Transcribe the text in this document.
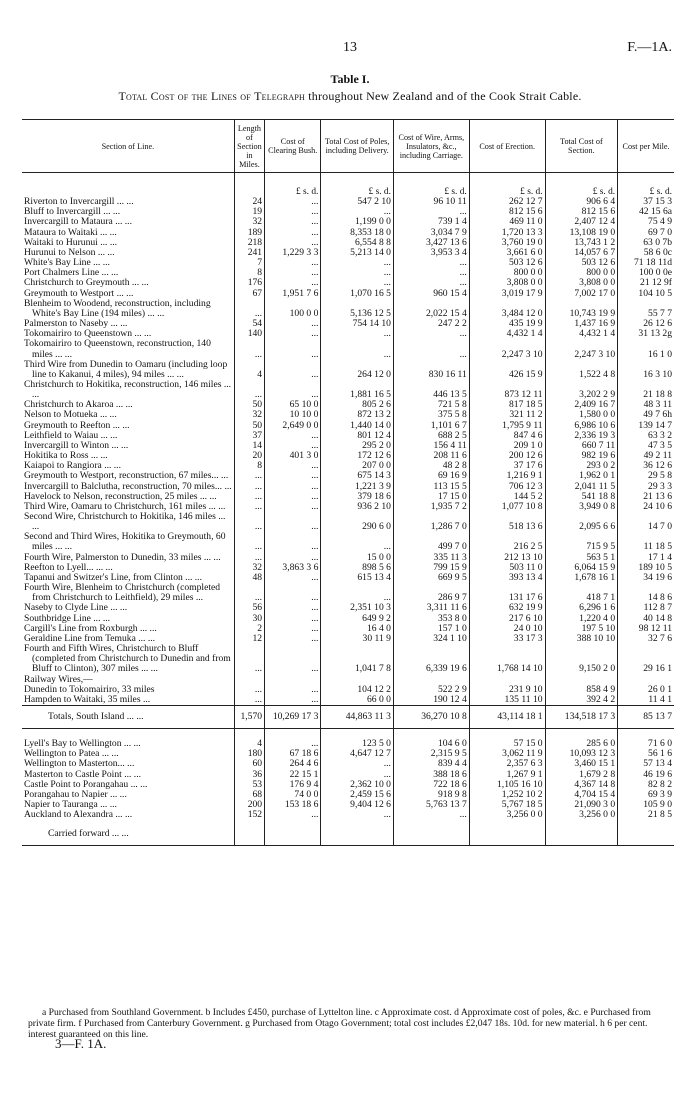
13	F.—1A.
Table I.
Total Cost of the Lines of Telegraph throughout New Zealand and of the Cook Strait Cable.
Section of Line.	Length of Section in Miles.	Cost of Clearing Bush.	Total Cost of Poles, including Delivery.	Cost of Wire, Arms, Insulators, &c., including Carriage.	Cost of Erection.	Total Cost of Section.	Cost per Mile.
		£ s. d.	£ s. d.	£ s. d.	£ s. d.	£ s. d.	£ s. d.
Riverton to Invercargill ... ...	24	...	547 2 10	96 10 11	262 12 7	906 6 4	37 15 3
Bluff to Invercargill ... ...	19	...	...	...	812 15 6	812 15 6	42 15 6a
Invercargill to Mataura ... ...	32	...	1,199 0 0	739 1 4	469 11 0	2,407 12 4	75 4 9
Mataura to Waitaki ... ...	189	...	8,353 18 0	3,034 7 9	1,720 13 3	13,108 19 0	69 7 0
Waitaki to Hurunui ... ...	218	...	6,554 8 8	3,427 13 6	3,760 19 0	13,743 1 2	63 0 7b
Hurunui to Nelson ... ...	241	1,229 3 3	5,213 14 0	3,953 3 4	3,661 6 0	14,057 6 7	58 6 0c
White's Bay Line ... ...	7	...	...	...	503 12 6	503 12 6	71 18 11d
Port Chalmers Line ... ...	8	...	...	...	800 0 0	800 0 0	100 0 0e
Christchurch to Greymouth ... ...	176	...	...	...	3,808 0 0	3,808 0 0	21 12 9f
Greymouth to Westport ... ...	67	1,951 7 6	1,070 16 5	960 15 4	3,019 17 9	7,002 17 0	104 10 5
Blenheim to Woodend, reconstruction, including White's Bay Line (194 miles) ... ...	...	100 0 0	5,136 12 5	2,022 15 4	3,484 12 0	10,743 19 9	55 7 7
Palmerston to Naseby ... ...	54	...	754 14 10	247 2 2	435 19 9	1,437 16 9	26 12 6
Tokomairiro to Queenstown ... ...	140	...	...	...	4,432 1 4	4,432 1 4	31 13 2g
Tokomairiro to Queenstown, reconstruction, 140 miles ... ...	...	...	...	...	2,247 3 10	2,247 3 10	16 1 0
Third Wire from Dunedin to Oamaru (including loop line to Kakanui, 4 miles), 94 miles ... ...	4	...	264 12 0	830 16 11	426 15 9	1,522 4 8	16 3 10
Christchurch to Hokitika, reconstruction, 146 miles ... ...	...	...	1,881 16 5	446 13 5	873 12 11	3,202 2 9	21 18 8
Christchurch to Akaroa ... ...	50	65 10 0	805 2 6	721 5 8	817 18 5	2,409 16 7	48 3 11
Nelson to Motueka ... ...	32	10 10 0	872 13 2	375 5 8	321 11 2	1,580 0 0	49 7 6h
Greymouth to Reefton ... ...	50	2,649 0 0	1,440 14 0	1,101 6 7	1,795 9 11	6,986 10 6	139 14 7
Leithfield to Waiau ... ...	37	...	801 12 4	688 2 5	847 4 6	2,336 19 3	63 3 2
Invercargill to Winton ... ...	14	...	295 2 0	156 4 11	209 1 0	660 7 11	47 3 5
Hokitika to Ross ... ...	20	401 3 0	172 12 6	208 11 6	200 12 6	982 19 6	49 2 11
Kaiapoi to Rangiora ... ...	8	...	207 0 0	48 2 8	37 17 6	293 0 2	36 12 6
Greymouth to Westport, reconstruction, 67 miles... ...	...	...	675 14 3	69 16 9	1,216 9 1	1,962 0 1	29 5 8
Invercargill to Balclutha, reconstruction, 70 miles... ...	...	...	1,221 3 9	113 15 5	706 12 3	2,041 11 5	29 3 3
Havelock to Nelson, reconstruction, 25 miles ... ...	...	...	379 18 6	17 15 0	144 5 2	541 18 8	21 13 6
Third Wire, Oamaru to Christchurch, 161 miles ... ...	...	...	936 2 10	1,935 7 2	1,077 10 8	3,949 0 8	24 10 6
Second Wire, Christchurch to Hokitika, 146 miles ... ...	...	...	290 6 0	1,286 7 0	518 13 6	2,095 6 6	14 7 0
Second and Third Wires, Hokitika to Greymouth, 60 miles ... ...	...	...	...	499 7 0	216 2 5	715 9 5	11 18 5
Fourth Wire, Palmerston to Dunedin, 33 miles ... ...	...	...	15 0 0	335 11 3	212 13 10	563 5 1	17 1 4
Reefton to Lyell... ... ...	32	3,863 3 6	898 5 6	799 15 9	503 11 0	6,064 15 9	189 10 5
Tapanui and Switzer's Line, from Clinton ... ...	48	...	615 13 4	669 9 5	393 13 4	1,678 16 1	34 19 6
Fourth Wire, Blenheim to Christchurch (completed from Christchurch to Leithfield), 29 miles ...	...	...	...	286 9 7	131 17 6	418 7 1	14 8 6
Naseby to Clyde Line ... ...	56	...	2,351 10 3	3,311 11 6	632 19 9	6,296 1 6	112 8 7
Southbridge Line ... ...	30	...	649 9 2	353 8 0	217 6 10	1,220 4 0	40 14 8
Cargill's Line from Roxburgh ... ...	2	...	16 4 0	157 1 0	24 0 10	197 5 10	98 12 11
Geraldine Line from Temuka ... ...	12	...	30 11 9	324 1 10	33 17 3	388 10 10	32 7 6
Fourth and Fifth Wires, Christchurch to Bluff (completed from Christchurch to Dunedin and from Bluff to Clinton), 307 miles ... ...	...	...	1,041 7 8	6,339 19 6	1,768 14 10	9,150 2 0	29 16 1
Railway Wires,—							
Dunedin to Tokomairiro, 33 miles	...	...	104 12 2	522 2 9	231 9 10	858 4 9	26 0 1
Hampden to Waitaki, 35 miles ...	...	...	66 0 0	190 12 4	135 11 10	392 4 2	11 4 1
Totals, South Island ... ...	1,570	10,269 17 3	44,863 11 3	36,270 10 8	43,114 18 1	134,518 17 3	85 13 7

Lyell's Bay to Wellington ... ...	4	...	123 5 0	104 6 0	57 15 0	285 6 0	71 6 0
Wellington to Patea ... ...	180	67 18 6	4,647 12 7	2,315 9 5	3,062 11 9	10,093 12 3	56 1 6
Wellington to Masterton... ...	60	264 4 6	...	839 4 4	2,357 6 3	3,460 15 1	57 13 4
Masterton to Castle Point ... ...	36	22 15 1	...	388 18 6	1,267 9 1	1,679 2 8	46 19 6
Castle Point to Porangahau ... ...	53	176 9 4	2,362 10 0	722 18 6	1,105 16 10	4,367 14 8	82 8 2
Porangahau to Napier ... ...	68	74 0 0	2,459 15 6	918 9 8	1,252 10 2	4,704 15 4	69 3 9
Napier to Tauranga ... ...	200	153 18 6	9,404 12 6	5,763 13 7	5,767 18 5	21,090 3 0	105 9 0
Auckland to Alexandra ... ...	152	...	...	...	3,256 0 0	3,256 0 0	21 8 5
Carried forward ... ...							
a Purchased from Southland Government. b Includes £450, purchase of Lyttelton line. c Approximate cost. d Approximate cost of poles, &c. e Purchased from private firm. f Purchased from Canterbury Government. g Purchased from Otago Government; total cost includes £2,047 18s. 10d. for new material. h 6 per cent. interest guaranteed on this line.
3—F. 1A.
